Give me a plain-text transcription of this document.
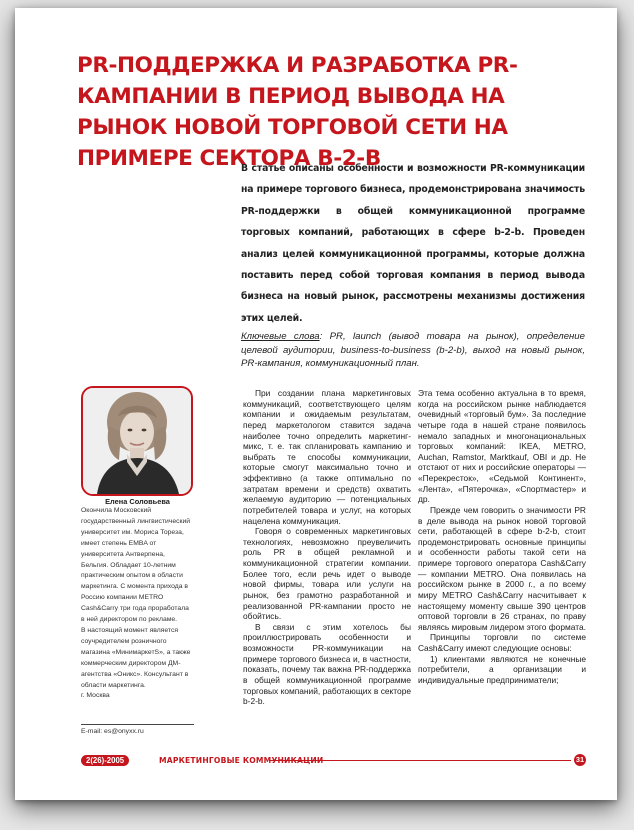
PR-ПОДДЕРЖКА И РАЗРАБОТКА PR-КАМПАНИИ В ПЕРИОД ВЫВОДА НА РЫНОК НОВОЙ ТОРГОВОЙ СЕТИ НА ПРИМЕРЕ СЕКТОРА B-2-B

В статье описаны особенности и возможности PR-коммуникации на примере торгового бизнеса, продемонстрирована значимость PR-поддержки в общей коммуникационной программе торговых компаний, работающих в сфере b-2-b. Проведен анализ целей коммуникационной программы, которые должна поставить перед собой торговая компания в период вывода бизнеса на новый рынок, рассмотрены механизмы достижения этих целей.

Ключевые слова: PR, launch (вывод товара на рынок), определение целевой аудитории, business-to-business (b-2-b), выход на новый рынок, PR-кампания, коммуникационный план.

Елена Соловьева

Окончила Московский государственный лингвистический университет им. Мориса Тореза, имеет степень EMBA от университета Антверпена, Бельгия. Обладает 10-летним практическим опытом в области маркетинга. С момента прихода в Россию компании METRO Cash&Carry три года проработала в ней директором по рекламе.

В настоящий момент является соучредителем розничного магазина «МинимаркетS», а также коммерческим директором ДМ-агентства «Оникс». Консультант в области маркетинга.

г. Москва

E-mail: es@onyxx.ru

При создании плана маркетинговых коммуникаций, соответствующего целям компании и ожидаемым результатам, перед маркетологом ставится задача наиболее точно определить маркетинг-микс, т. е. так спланировать кампанию и выбрать те способы коммуникации, которые смогут максимально точно и эффективно (а также оптимально по затратам времени и средств) охватить желаемую аудиторию — потенциальных потребителей товара и услуг, на которых нацелена коммуникация.

Говоря о современных маркетинговых технологиях, невозможно преувеличить роль PR в общей рекламной и коммуникационной стратегии компании. Более того, если речь идет о выводе новой фирмы, товара или услуги на рынок, без грамотно разработанной и реализованной PR-кампании просто не обойтись.

В связи с этим хотелось бы проиллюстрировать особенности и возможности PR-коммуникации на примере торгового бизнеса и, в частности, показать, почему так важна PR-поддержка в общей коммуникационной программе торговых компаний, работающих в секторе b-2-b.

Эта тема особенно актуальна в то время, когда на российском рынке наблюдается очевидный «торговый бум». За последние четыре года в нашей стране появилось немало западных и многонациональных торговых компаний: IKEA, METRO, Auchan, Ramstor, Marktkauf, OBI и др. Не отстают от них и российские операторы — «Перекресток», «Седьмой Континент», «Лента», «Пятерочка», «Спортмастер» и др.

Прежде чем говорить о значимости PR в деле вывода на рынок новой торговой сети, работающей в сфере b-2-b, стоит продемонстрировать основные принципы и особенности работы такой сети на примере торгового оператора Cash&Carry — компании METRO. Она появилась на российском рынке в 2000 г., а по всему миру METRO Cash&Carry насчитывает к настоящему моменту свыше 390 центров оптовой торговли в 26 странах, по праву являясь мировым лидером этого формата.

Принципы торговли по системе Cash&Carry имеют следующие основы:

1) клиентами являются не конечные потребители, а организации и индивидуальные предприниматели;

2(26)-2005	МАРКЕТИНГОВЫЕ КОММУНИКАЦИИ	31
